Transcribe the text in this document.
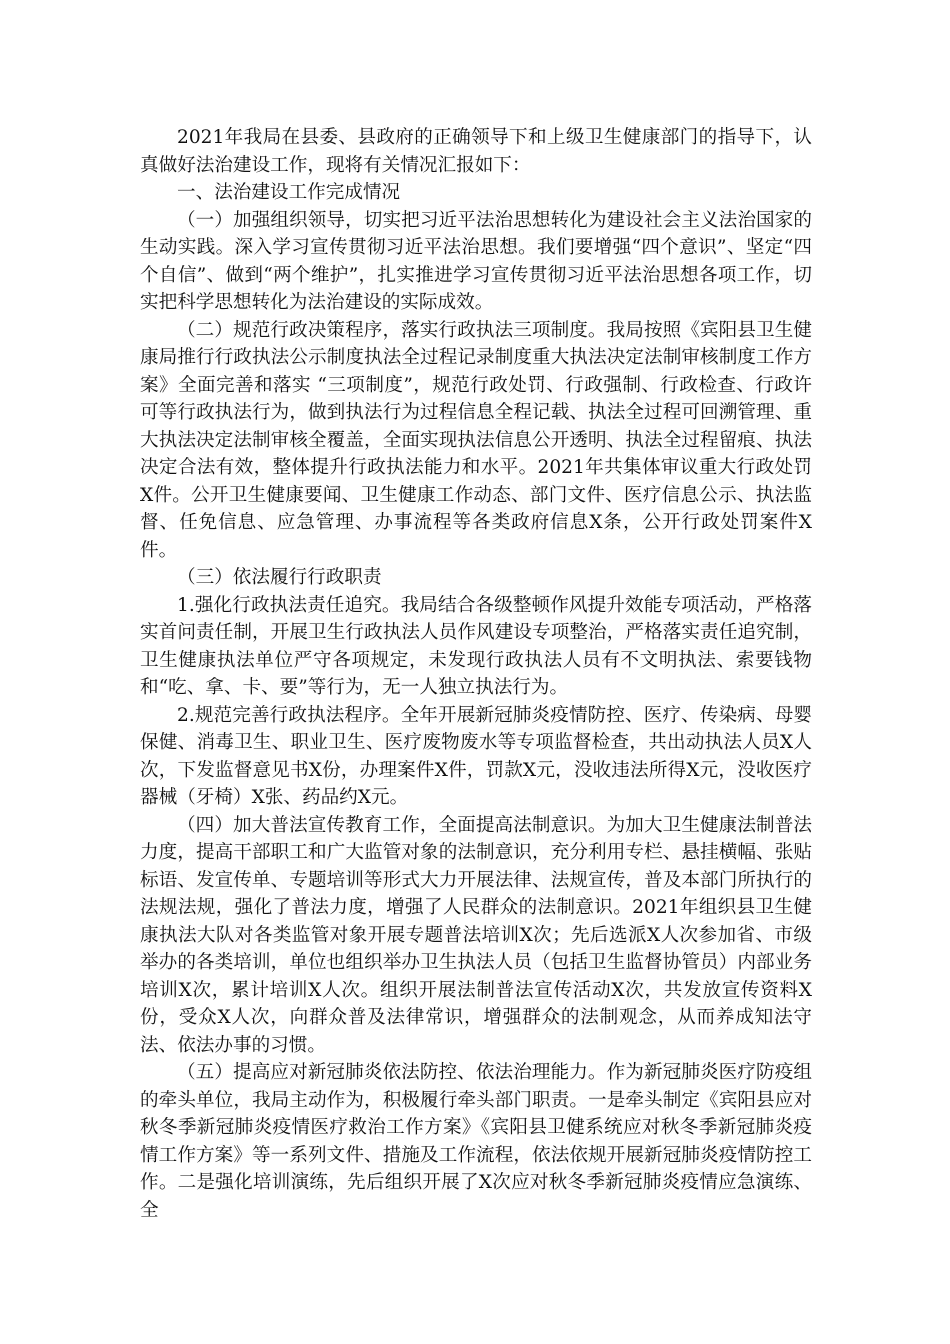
2021年我局在县委、县政府的正确领导下和上级卫生健康部门的指导下，认真做好法治建设工作，现将有关情况汇报如下：

一、法治建设工作完成情况

（一）加强组织领导，切实把习近平法治思想转化为建设社会主义法治国家的生动实践。深入学习宣传贯彻习近平法治思想。我们要增强“四个意识”、坚定“四个自信”、做到“两个维护”，扎实推进学习宣传贯彻习近平法治思想各项工作，切实把科学思想转化为法治建设的实际成效。

（二）规范行政决策程序，落实行政执法三项制度。我局按照《宾阳县卫生健康局推行行政执法公示制度执法全过程记录制度重大执法决定法制审核制度工作方案》全面完善和落实 “三项制度”，规范行政处罚、行政强制、行政检查、行政许可等行政执法行为，做到执法行为过程信息全程记载、执法全过程可回溯管理、重大执法决定法制审核全覆盖，全面实现执法信息公开透明、执法全过程留痕、执法决定合法有效，整体提升行政执法能力和水平。2021年共集体审议重大行政处罚X件。公开卫生健康要闻、卫生健康工作动态、部门文件、医疗信息公示、执法监督、任免信息、应急管理、办事流程等各类政府信息X条，公开行政处罚案件X件。

（三）依法履行行政职责

1.强化行政执法责任追究。我局结合各级整顿作风提升效能专项活动，严格落实首问责任制，开展卫生行政执法人员作风建设专项整治，严格落实责任追究制，卫生健康执法单位严守各项规定，未发现行政执法人员有不文明执法、索要钱物和“吃、拿、卡、要”等行为，无一人独立执法行为。

2.规范完善行政执法程序。全年开展新冠肺炎疫情防控、医疗、传染病、母婴保健、消毒卫生、职业卫生、医疗废物废水等专项监督检查，共出动执法人员X人次，下发监督意见书X份，办理案件X件，罚款X元，没收违法所得X元，没收医疗器械（牙椅）X张、药品约X元。

（四）加大普法宣传教育工作，全面提高法制意识。为加大卫生健康法制普法力度，提高干部职工和广大监管对象的法制意识，充分利用专栏、悬挂横幅、张贴标语、发宣传单、专题培训等形式大力开展法律、法规宣传，普及本部门所执行的法规法规，强化了普法力度，增强了人民群众的法制意识。2021年组织县卫生健康执法大队对各类监管对象开展专题普法培训X次；先后选派X人次参加省、市级举办的各类培训，单位也组织举办卫生执法人员（包括卫生监督协管员）内部业务培训X次，累计培训X人次。组织开展法制普法宣传活动X次，共发放宣传资料X份，受众X人次，向群众普及法律常识，增强群众的法制观念，从而养成知法守法、依法办事的习惯。

（五）提高应对新冠肺炎依法防控、依法治理能力。作为新冠肺炎医疗防疫组的牵头单位，我局主动作为，积极履行牵头部门职责。一是牵头制定《宾阳县应对秋冬季新冠肺炎疫情医疗救治工作方案》《宾阳县卫健系统应对秋冬季新冠肺炎疫情工作方案》等一系列文件、措施及工作流程，依法依规开展新冠肺炎疫情防控工作。二是强化培训演练，先后组织开展了X次应对秋冬季新冠肺炎疫情应急演练、全
